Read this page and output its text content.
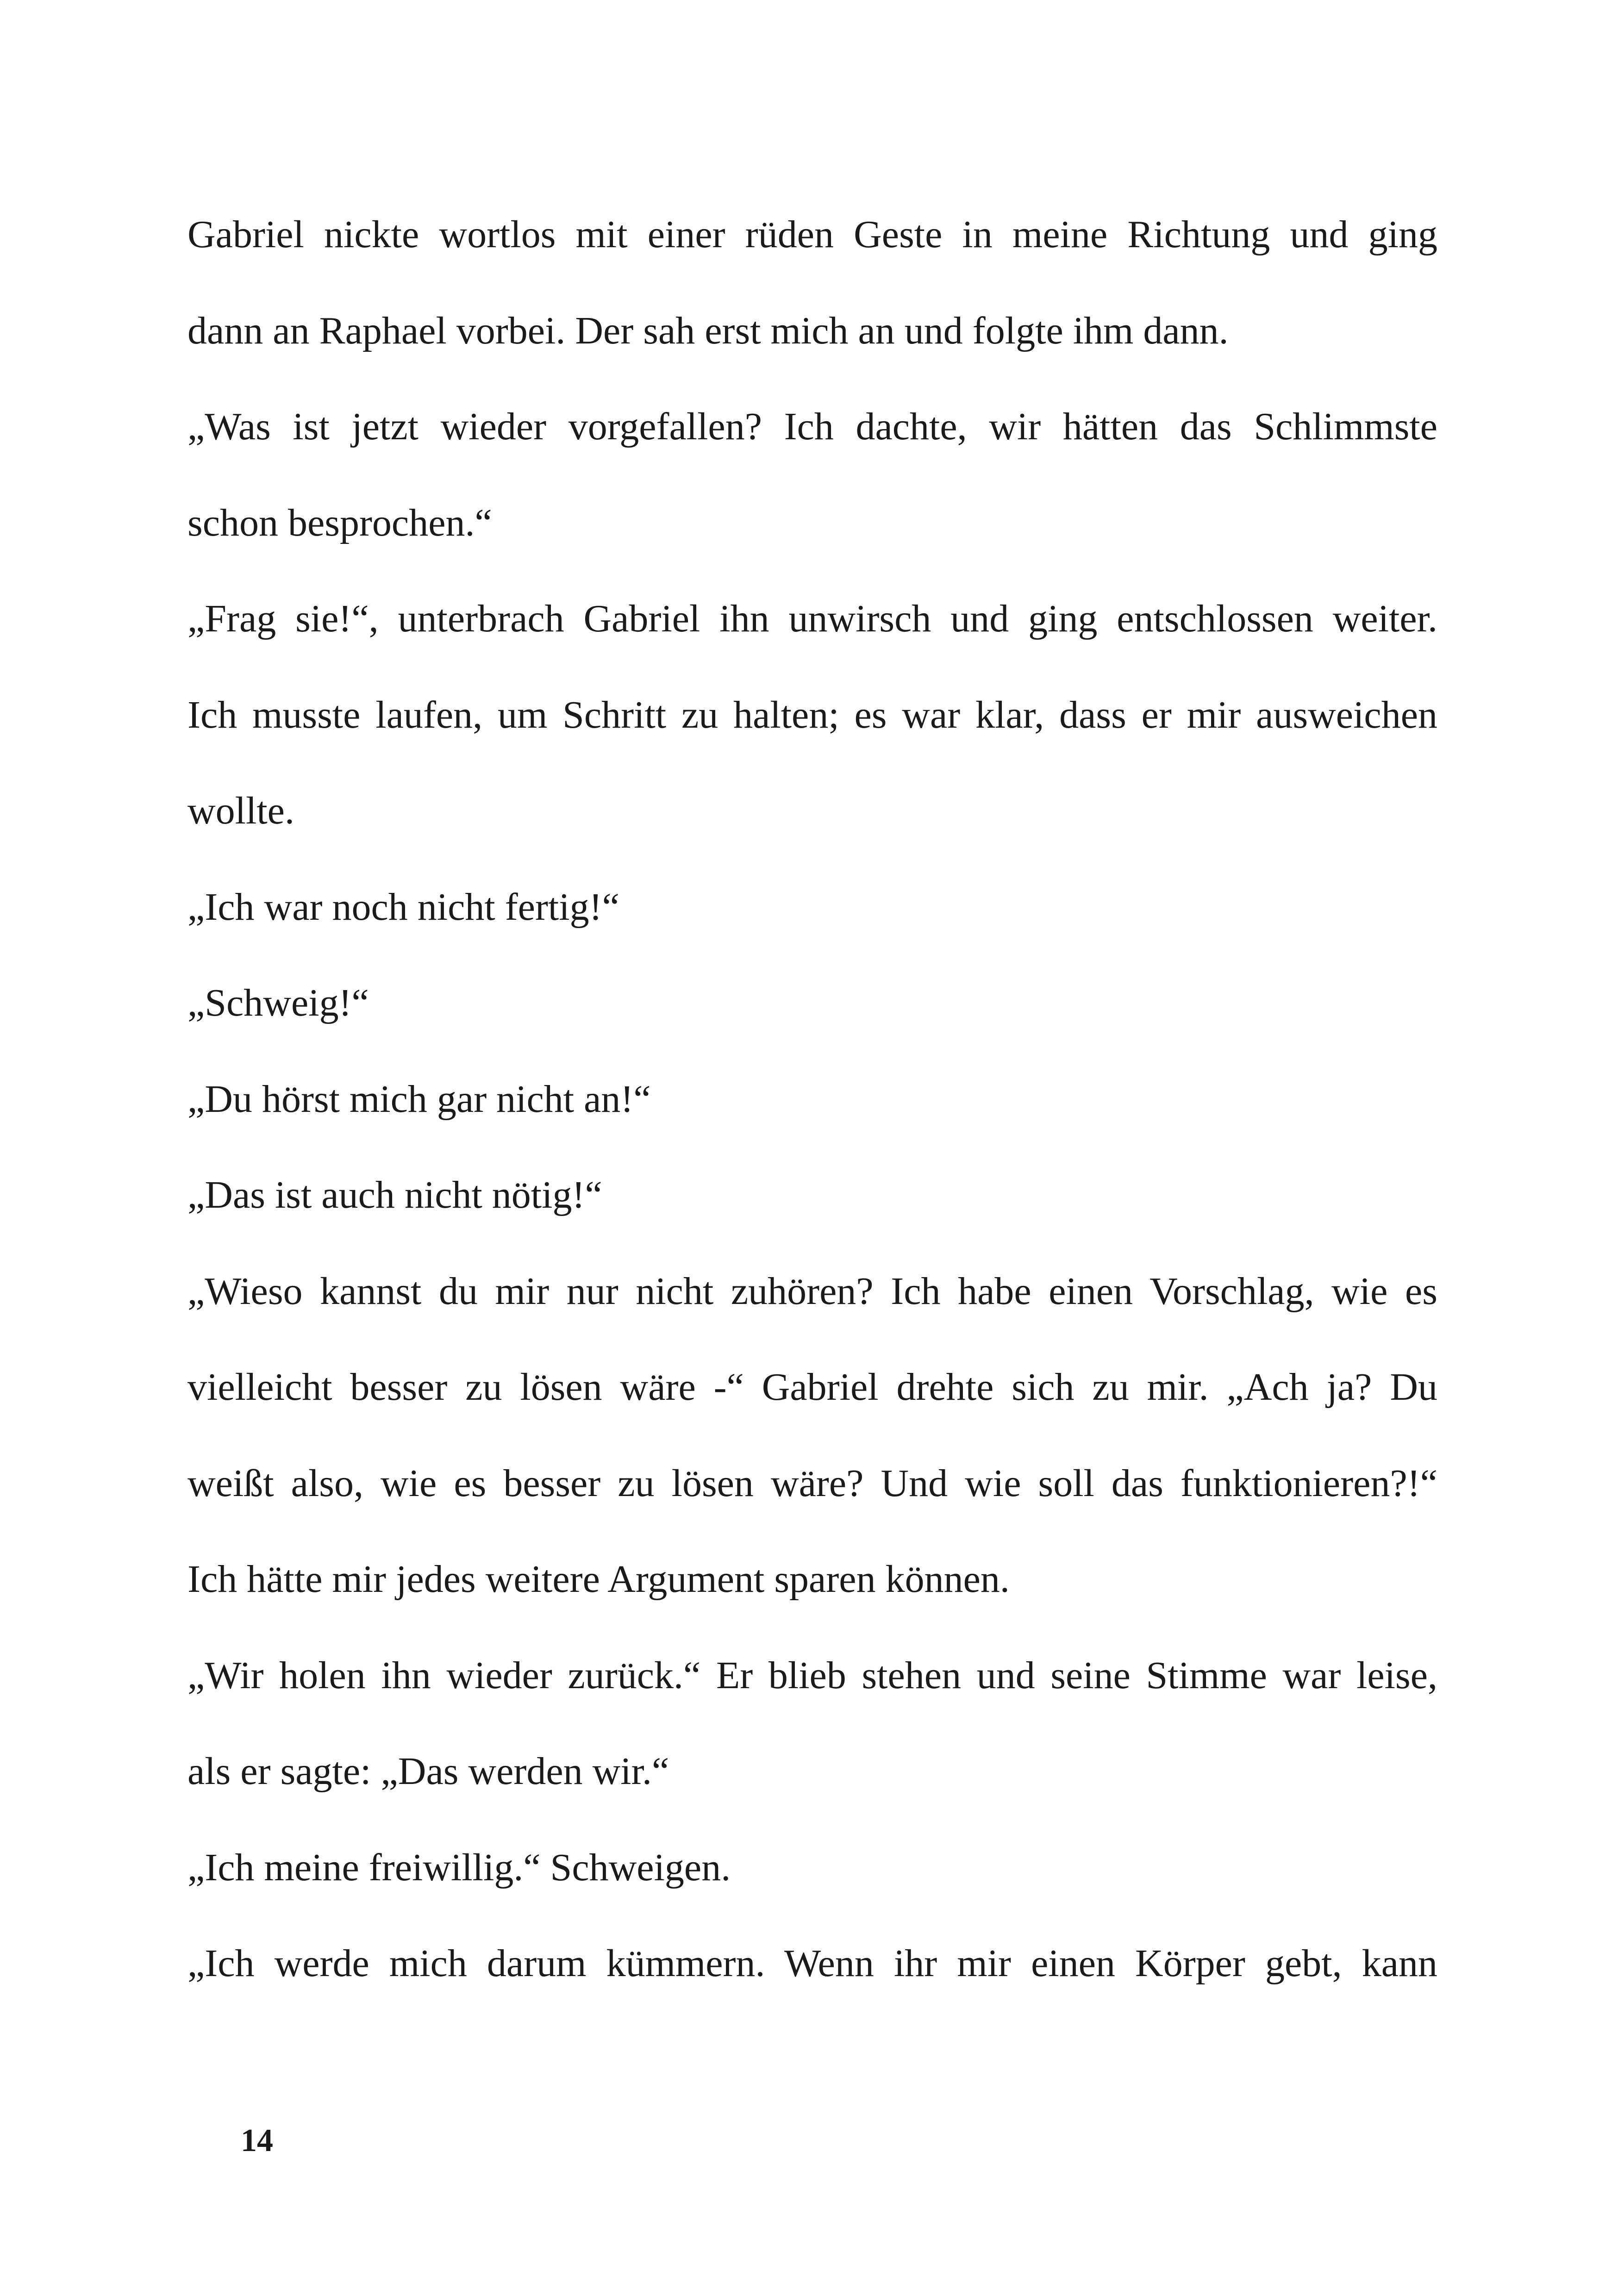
Gabriel nickte wortlos mit einer rüden Geste in meine Richtung und ging
dann an Raphael vorbei. Der sah erst mich an und folgte ihm dann.
„Was ist jetzt wieder vorgefallen? Ich dachte, wir hätten das Schlimmste
schon besprochen.“
„Frag sie!“, unterbrach Gabriel ihn unwirsch und ging entschlossen weiter.
Ich musste laufen, um Schritt zu halten; es war klar, dass er mir ausweichen
wollte.
„Ich war noch nicht fertig!“
„Schweig!“
„Du hörst mich gar nicht an!“
„Das ist auch nicht nötig!“
„Wieso kannst du mir nur nicht zuhören? Ich habe einen Vorschlag, wie es
vielleicht besser zu lösen wäre -“ Gabriel drehte sich zu mir. „Ach ja? Du
weißt also, wie es besser zu lösen wäre? Und wie soll das funktionieren?!“
Ich hätte mir jedes weitere Argument sparen können.
„Wir holen ihn wieder zurück.“ Er blieb stehen und seine Stimme war leise,
als er sagte: „Das werden wir.“
„Ich meine freiwillig.“ Schweigen.
„Ich werde mich darum kümmern. Wenn ihr mir einen Körper gebt, kann
14
